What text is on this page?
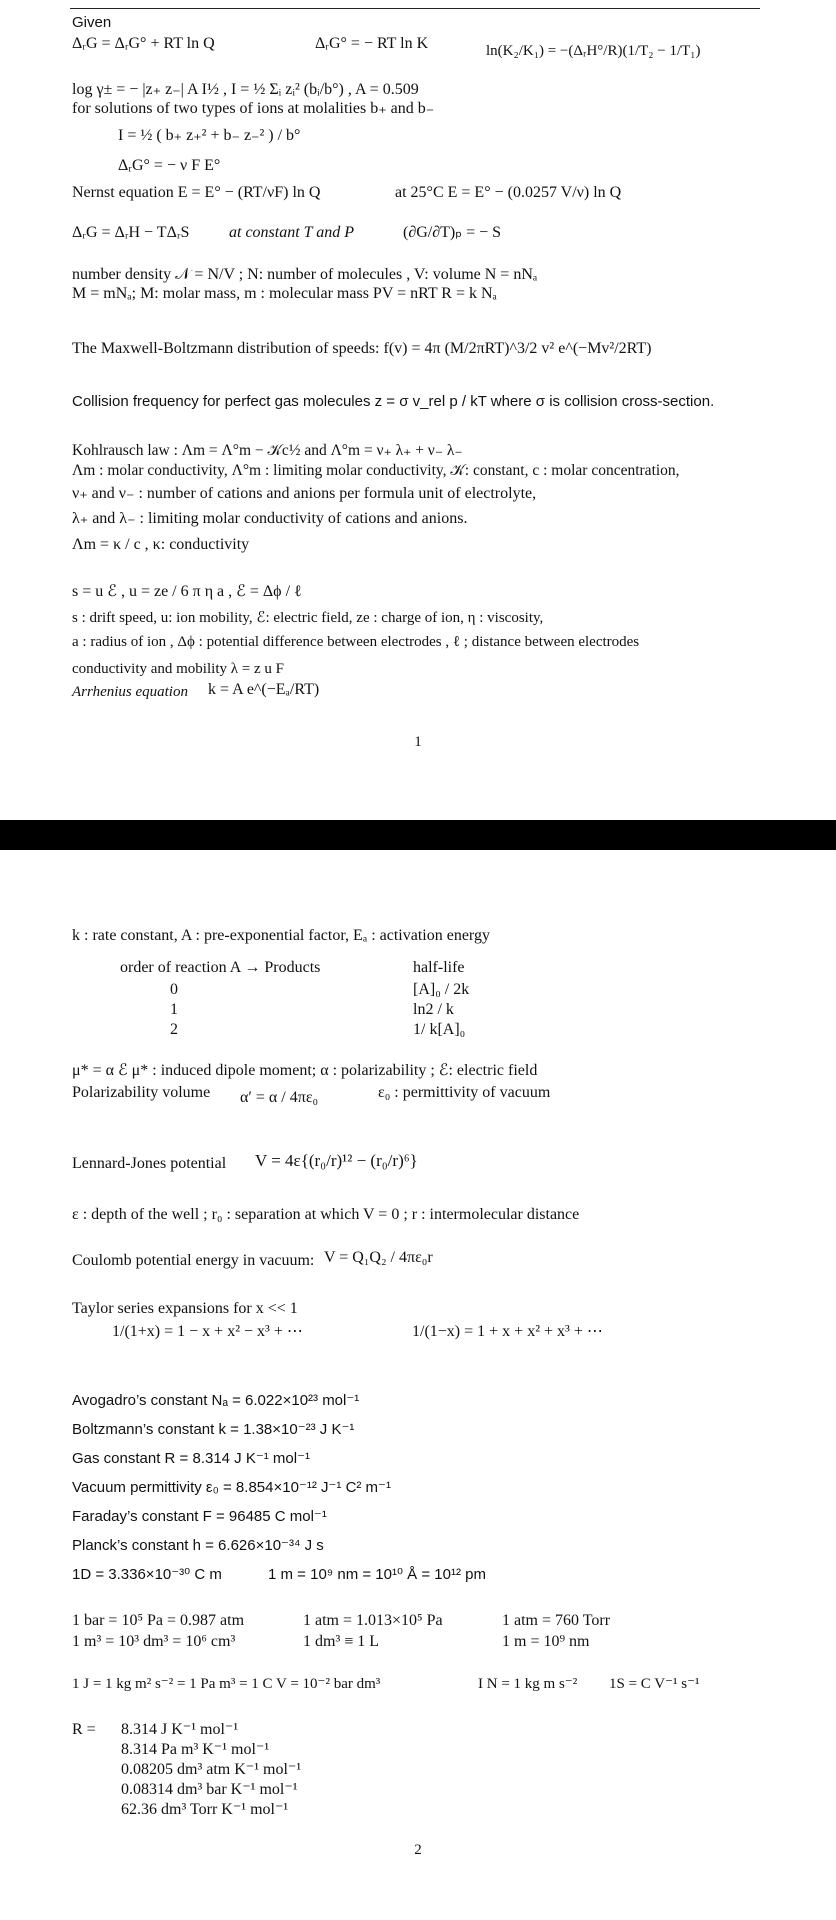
Given
ΔᵣG = ΔᵣG° + RT ln Q	ΔᵣG° = − RT ln K	ln(K₂/K₁) = −(ΔᵣH°/R)(1/T₂ − 1/T₁)
log γ± = − |z₊ z₋| A I½ , I = ½ Σᵢ zᵢ² (bᵢ/b°) , A = 0.509
for solutions of two types of ions at molalities b₊ and b₋
I = ½ ( b₊ z₊² + b₋ z₋² ) / b°
ΔᵣG° = − ν F E°
Nernst equation E = E° − (RT/νF) ln Q	at 25°C E = E° − (0.0257 V/ν) ln Q
ΔᵣG = ΔᵣH − TΔᵣS at constant T and P	(∂G/∂T)ₚ = − S
number density 𝒩 = N/V ; N: number of molecules , V: volume N = nNₐ
M = mNₐ; M: molar mass, m : molecular mass PV = nRT R = k Nₐ
The Maxwell-Boltzmann distribution of speeds: f(v) = 4π (M/2πRT)^3/2 v² e^(−Mv²/2RT)
Collision frequency for perfect gas molecules z = σ v_rel p / kT where σ is collision cross-section.
Kohlrausch law : Λm = Λ°m − 𝒦c½ and Λ°m = ν₊ λ₊ + ν₋ λ₋
Λm : molar conductivity, Λ°m : limiting molar conductivity, 𝒦: constant, c : molar concentration,
ν₊ and ν₋ : number of cations and anions per formula unit of electrolyte,
λ₊ and λ₋ : limiting molar conductivity of cations and anions.
Λm = κ / c , κ: conductivity
s = u ℰ , u = ze / 6 π η a , ℰ = Δϕ / ℓ
s : drift speed, u: ion mobility, ℰ: electric field, ze : charge of ion, η : viscosity,
a : radius of ion , Δϕ : potential difference between electrodes , ℓ ; distance between electrodes
conductivity and mobility λ = z u F
Arrhenius equation k = A e^(−Eₐ/RT)
1
k : rate constant, A : pre-exponential factor, Eₐ : activation energy
order of reaction A → Products	half-life
0	[A]₀ / 2k
1	ln2 / k
2	1/ k[A]₀
μ* = α ℰ μ* : induced dipole moment; α : polarizability ; ℰ: electric field
Polarizability volume α′ = α / 4πε₀	ε₀ : permittivity of vacuum
Lennard-Jones potential V = 4ε{(r₀/r)¹² − (r₀/r)⁶}
ε : depth of the well ; r₀ : separation at which V = 0 ; r : intermolecular distance
Coulomb potential energy in vacuum: V = Q₁Q₂ / 4πε₀r
Taylor series expansions for x << 1
1/(1+x) = 1 − x + x² − x³ + ⋯	1/(1−x) = 1 + x + x² + x³ + ⋯
Avogadro’s constant Nₐ = 6.022×10²³ mol⁻¹
Boltzmann’s constant k = 1.38×10⁻²³ J K⁻¹
Gas constant R = 8.314 J K⁻¹ mol⁻¹
Vacuum permittivity ε₀ = 8.854×10⁻¹² J⁻¹ C² m⁻¹
Faraday’s constant F = 96485 C mol⁻¹
Planck’s constant h = 6.626×10⁻³⁴ J s
1D = 3.336×10⁻³⁰ C m	1 m = 10⁹ nm = 10¹⁰ Å = 10¹² pm
1 bar = 10⁵ Pa = 0.987 atm	1 atm = 1.013×10⁵ Pa	1 atm = 760 Torr
1 m³ = 10³ dm³ = 10⁶ cm³	1 dm³ ≡ 1 L	1 m = 10⁹ nm
1 J = 1 kg m² s⁻² = 1 Pa m³ = 1 C V = 10⁻² bar dm³	I N = 1 kg m s⁻² 1S = C V⁻¹ s⁻¹
R = 8.314 J K⁻¹ mol⁻¹
8.314 Pa m³ K⁻¹ mol⁻¹
0.08205 dm³ atm K⁻¹ mol⁻¹
0.08314 dm³ bar K⁻¹ mol⁻¹
62.36 dm³ Torr K⁻¹ mol⁻¹
2
